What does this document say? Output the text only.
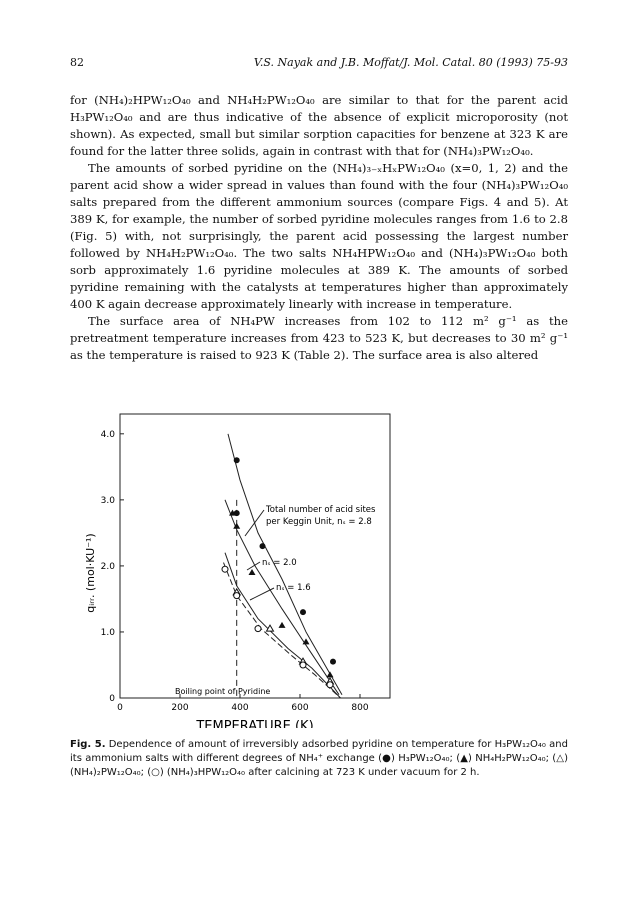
82	V.S. Nayak and J.B. Moffat/J. Mol. Catal. 80 (1993) 75-93

for (NH₄)₂HPW₁₂O₄₀ and NH₄H₂PW₁₂O₄₀ are similar to that for the parent acid H₃PW₁₂O₄₀ and are thus indicative of the absence of explicit microporosity (not shown). As expected, small but similar sorption capacities for benzene at 323 K are found for the latter three solids, again in contrast with that for (NH₄)₃PW₁₂O₄₀.

The amounts of sorbed pyridine on the (NH₄)₃₋ₓHₓPW₁₂O₄₀ (x=0, 1, 2) and the parent acid show a wider spread in values than found with the four (NH₄)₃PW₁₂O₄₀ salts prepared from the different ammonium sources (compare Figs. 4 and 5). At 389 K, for example, the number of sorbed pyridine molecules ranges from 1.6 to 2.8 (Fig. 5) with, not surprisingly, the parent acid possessing the largest number followed by NH₄H₂PW₁₂O₄₀. The two salts NH₄HPW₁₂O₄₀ and (NH₄)₃PW₁₂O₄₀ both sorb approximately 1.6 pyridine molecules at 389 K. The amounts of sorbed pyridine remaining with the catalysts at temperatures higher than approximately 400 K again decrease approximately linearly with increase in temperature.

The surface area of NH₄PW increases from 102 to 112 m² g⁻¹ as the pretreatment temperature increases from 423 to 523 K, but decreases to 30 m² g⁻¹ as the temperature is raised to 923 K (Table 2). The surface area is also altered

0	200	400	600	800
0
1.0
2.0
3.0
4.0
Boiling point of Pyridine
Total number of acid sites
per Keggin Unit, nₛ = 2.8
nₛ = 2.0
nₛ = 1.6
TEMPERATURE (K)
qᵢᵣᵣ. (mol·KU⁻¹)
Fig. 5. Dependence of amount of irreversibly adsorbed pyridine on temperature for H₃PW₁₂O₄₀ and its ammonium salts with different degrees of NH₄⁺ exchange (●) H₃PW₁₂O₄₀; (▲) NH₄H₂PW₁₂O₄₀; (△) (NH₄)₂PW₁₂O₄₀; (○) (NH₄)₃HPW₁₂O₄₀ after calcining at 723 K under vacuum for 2 h.
